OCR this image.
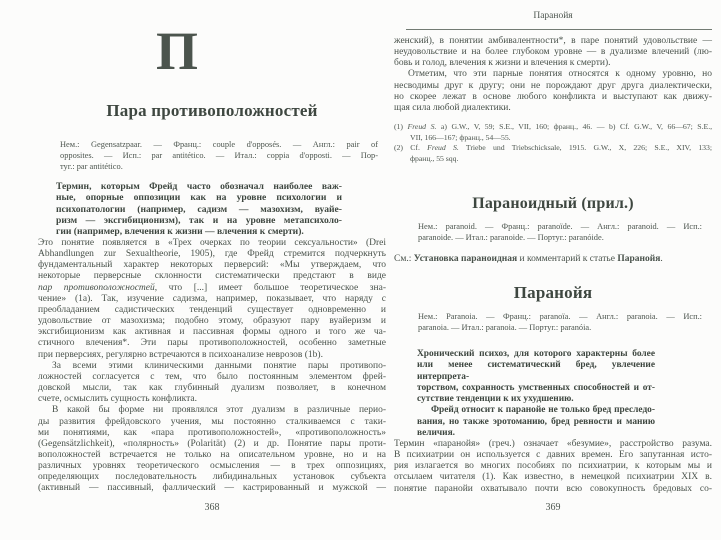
П
Пара противоположностей
Нем.: Gegensatzpaar. — Франц.: couple d'opposés. — Англ.: pair of
opposites. — Исп.: par antitético. — Итал.: coppia d'opposti. — Пор-
туг.: par antitético.
Термин, которым Фрейд часто обозначал наиболее важ-
ные, опорные оппозиции как на уровне психологии и
психопатологии (например, садизм — мазохизм, вуайе-
ризм — эксгибиционизм), так и на уровне метапсихоло-
гии (например, влечения к жизни — влечения к смерти).
Это понятие появляется в «Трех очерках по теории сексуальности» (Drei
Abhandlungen zur Sexualtheorie, 1905), где Фрейд стремится подчеркнуть
фундаментальный характер некоторых перверсий: «Мы утверждаем, что
некоторые перверсные склонности систематически предстают в виде
пар противоположностей, что [...] имеет большое теоретическое зна-
чение» (1a). Так, изучение садизма, например, показывает, что наряду с
преобладанием садистических тенденций существует одновременно и
удовольствие от мазохизма; подобно этому, образуют пару вуайеризм и
эксгибиционизм как активная и пассивная формы одного и того же ча-
стичного влечения*. Эти пары противоположностей, особенно заметные
при перверсиях, регулярно встречаются в психоанализе неврозов (1b).
За всеми этими клиническими данными понятие пары противопо-
ложностей согласуется с тем, что было постоянным элементом фрей-
довской мысли, так как глубинный дуализм позволяет, в конечном
счете, осмыслить сущность конфликта.
В какой бы форме ни проявлялся этот дуализм в различные перио-
ды развития фрейдовского учения, мы постоянно сталкиваемся с таки-
ми понятиями, как «пара противоположностей», «противоположность»
(Gegensätzlichkeit), «полярность» (Polarität) (2) и др. Понятие пары проти-
воположностей встречается не только на описательном уровне, но и на
различных уровнях теоретического осмысления — в трех оппозициях,
определяющих последовательность либидинальных установок субъекта
(активный — пассивный, фаллический — кастрированный и мужской —
368
Паранойя
женский), в понятии амбивалентности*, в паре понятий удовольствие —
неудовольствие и на более глубоком уровне — в дуализме влечений (лю-
бовь и голод, влечения к жизни и влечения к смерти).
Отметим, что эти парные понятия относятся к одному уровню, но
несводимы друг к другу; они не порождают друг друга диалектически,
но скорее лежат в основе любого конфликта и выступают как движу-
щая сила любой диалектики.
(1) Freud S. a) G.W., V, 59; S.E., VII, 160; франц., 46. — b) Cf. G.W., V, 66—67; S.E.,
VII, 166—167; франц., 54—55.
(2) Cf. Freud S. Triebe und Triebschicksale, 1915. G.W., X, 226; S.E., XIV, 133;
франц., 55 sqq.
Параноидный (прил.)
Нем.: paranoid. — Франц.: paranoïde. — Англ.: paranoid. — Исп.:
paranoide. — Итал.: paranoide. — Португ.: paranóide.
См.: Установка параноидная и комментарий к статье Паранойя.
Паранойя
Нем.: Paranoia. — Франц.: paranoïa. — Англ.: paranoia. — Исп.:
paranoia. — Итал.: paranoia. — Португ.: paranóia.
Хронический психоз, для которого характерны более
или менее систематический бред, увлечение интерпрета-
торством, сохранность умственных способностей и от-
сутствие тенденции к их ухудшению.
Фрейд относит к паранойе не только бред преследо-
вания, но также эротоманию, бред ревности и манию
величия.
Термин «паранойя» (греч.) означает «безумие», расстройство разума.
В психиатрии он используется с давних времен. Его запутанная исто-
рия излагается во многих пособиях по психиатрии, к которым мы и
отсылаем читателя (1). Как известно, в немецкой психиатрии XIX в.
понятие паранойи охватывало почти всю совокупность бредовых со-
369
